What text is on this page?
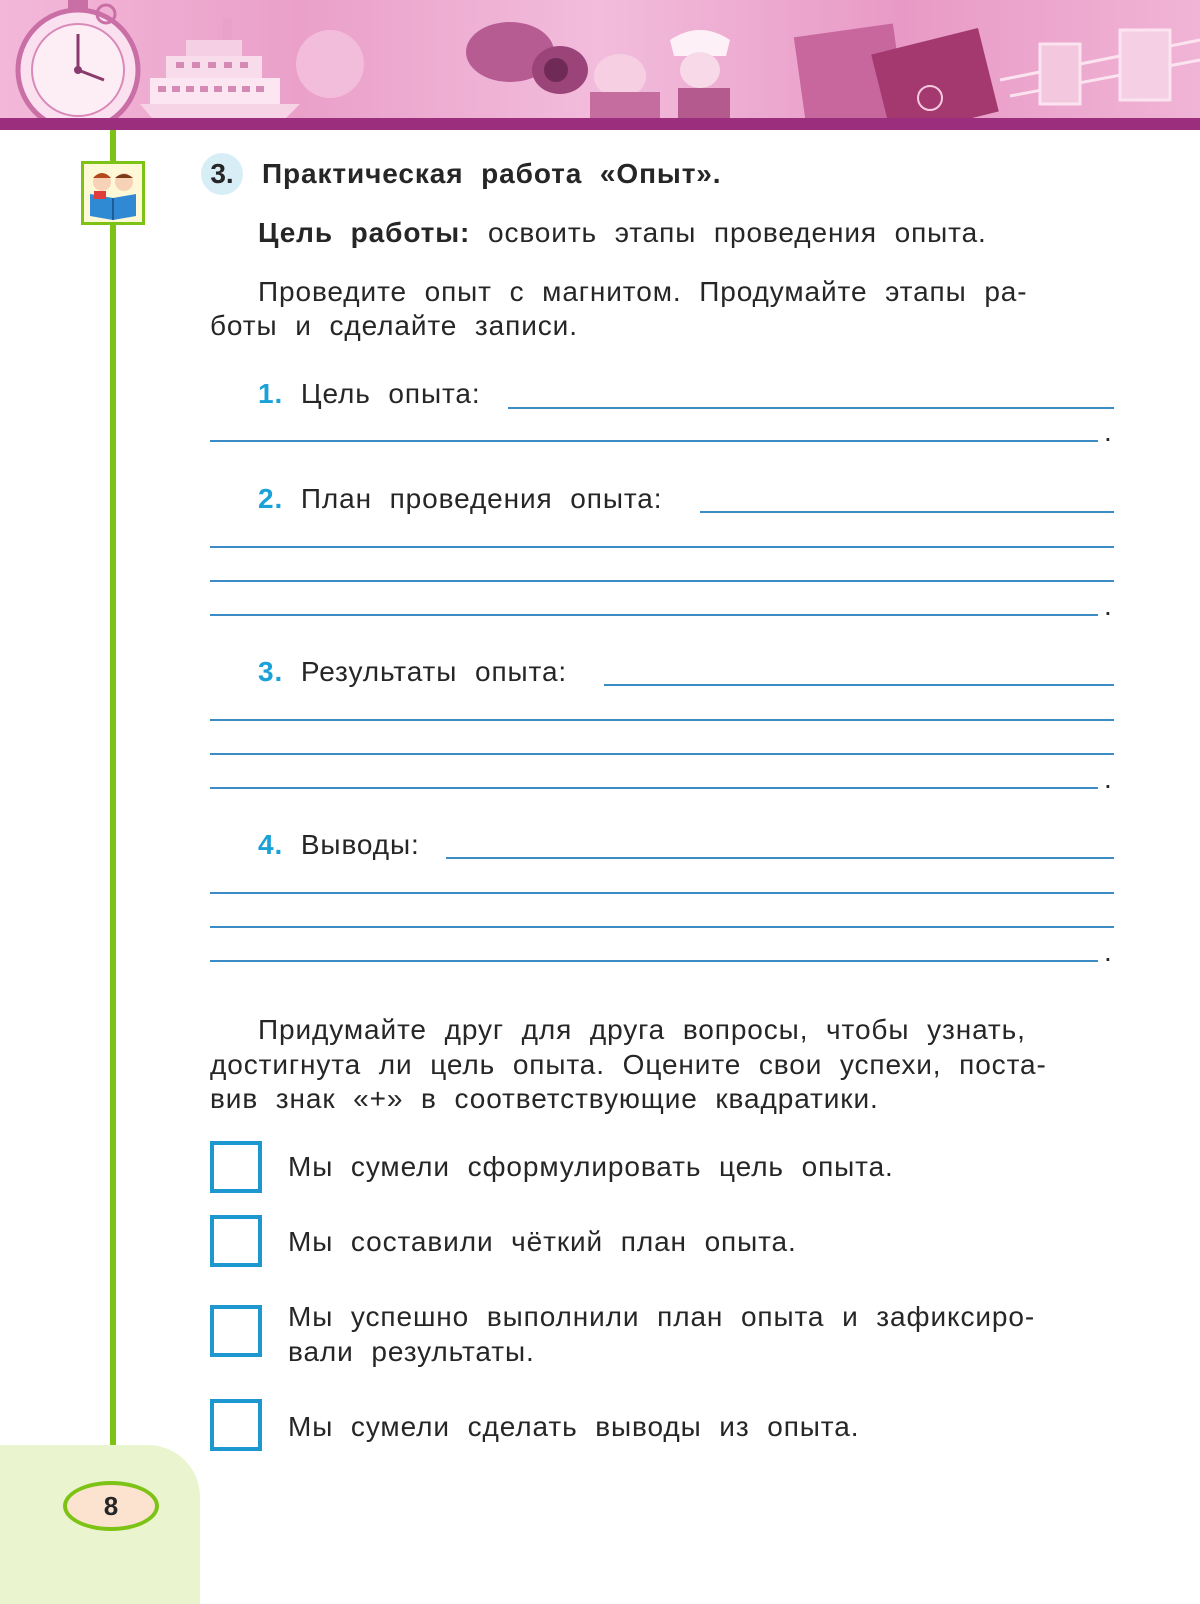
8
3.	Практическая работа «Опыт».
Цель работы: освоить этапы проведения опыта.
Проведите опыт с магнитом. Продумайте этапы ра-
боты и сделайте записи.
1. Цель опыта:
.
2. План проведения опыта:
.
3. Результаты опыта:
.
4. Выводы:
.
Придумайте друг для друга вопросы, чтобы узнать,
достигнута ли цель опыта. Оцените свои успехи, поста-
вив знак «+» в соответствующие квадратики.
Мы сумели сформулировать цель опыта.
Мы составили чёткий план опыта.
Мы успешно выполнили план опыта и зафиксиро-
вали результаты.
Мы сумели сделать выводы из опыта.
